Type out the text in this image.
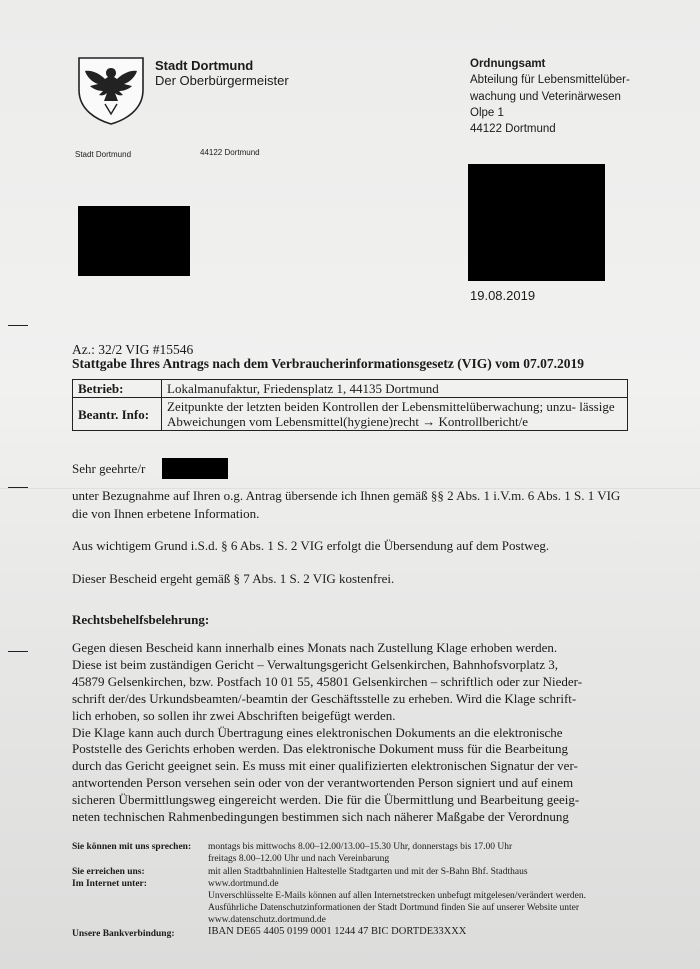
Stadt Dortmund
Der Oberbürgermeister
Ordnungsamt
Abteilung für Lebensmittelüber-
wachung und Veterinärwesen
Olpe 1
44122 Dortmund
Stadt Dortmund	44122 Dortmund
19.08.2019
Az.: 32/2 VIG #15546
Stattgabe Ihres Antrags nach dem Verbraucherinformationsgesetz (VIG) vom 07.07.2019
Betrieb:	Lokalmanufaktur, Friedensplatz 1, 44135 Dortmund
Beantr. Info:	Zeitpunkte der letzten beiden Kontrollen der Lebensmittelüberwachung; unzu- lässige Abweichungen vom Lebensmittel(hygiene)recht → Kontrollbericht/e
Sehr geehrte/r
unter Bezugnahme auf Ihren o.g. Antrag übersende ich Ihnen gemäß §§ 2 Abs. 1 i.V.m. 6 Abs. 1 S. 1 VIG die von Ihnen erbetene Information.
Aus wichtigem Grund i.S.d. § 6 Abs. 1 S. 2 VIG erfolgt die Übersendung auf dem Postweg.
Dieser Bescheid ergeht gemäß § 7 Abs. 1 S. 2 VIG kostenfrei.
Rechtsbehelfsbelehrung:
Gegen diesen Bescheid kann innerhalb eines Monats nach Zustellung Klage erhoben werden.
Diese ist beim zuständigen Gericht – Verwaltungsgericht Gelsenkirchen, Bahnhofsvorplatz 3,
45879 Gelsenkirchen, bzw. Postfach 10 01 55, 45801 Gelsenkirchen – schriftlich oder zur Nieder-
schrift der/des Urkundsbeamten/-beamtin der Geschäftsstelle zu erheben. Wird die Klage schrift-
lich erhoben, so sollen ihr zwei Abschriften beigefügt werden.
Die Klage kann auch durch Übertragung eines elektronischen Dokuments an die elektronische
Poststelle des Gerichts erhoben werden. Das elektronische Dokument muss für die Bearbeitung
durch das Gericht geeignet sein. Es muss mit einer qualifizierten elektronischen Signatur der ver-
antwortenden Person versehen sein oder von der verantwortenden Person signiert und auf einem
sicheren Übermittlungsweg eingereicht werden. Die für die Übermittlung und Bearbeitung geeig-
neten technischen Rahmenbedingungen bestimmen sich nach näherer Maßgabe der Verordnung
Sie können mit uns sprechen: montags bis mittwochs 8.00–12.00/13.00–15.30 Uhr, donnerstags bis 17.00 Uhr
freitags 8.00–12.00 Uhr und nach Vereinbarung
Sie erreichen uns:	mit allen Stadtbahnlinien Haltestelle Stadtgarten und mit der S-Bahn Bhf. Stadthaus
Im Internet unter:	www.dortmund.de
Unverschlüsselte E-Mails können auf allen Internetstrecken unbefugt mitgelesen/verändert werden.
Ausführliche Datenschutzinformationen der Stadt Dortmund finden Sie auf unserer Website unter
www.datenschutz.dortmund.de
Unsere Bankverbindung:	IBAN DE65 4405 0199 0001 1244 47 BIC DORTDE33XXX
